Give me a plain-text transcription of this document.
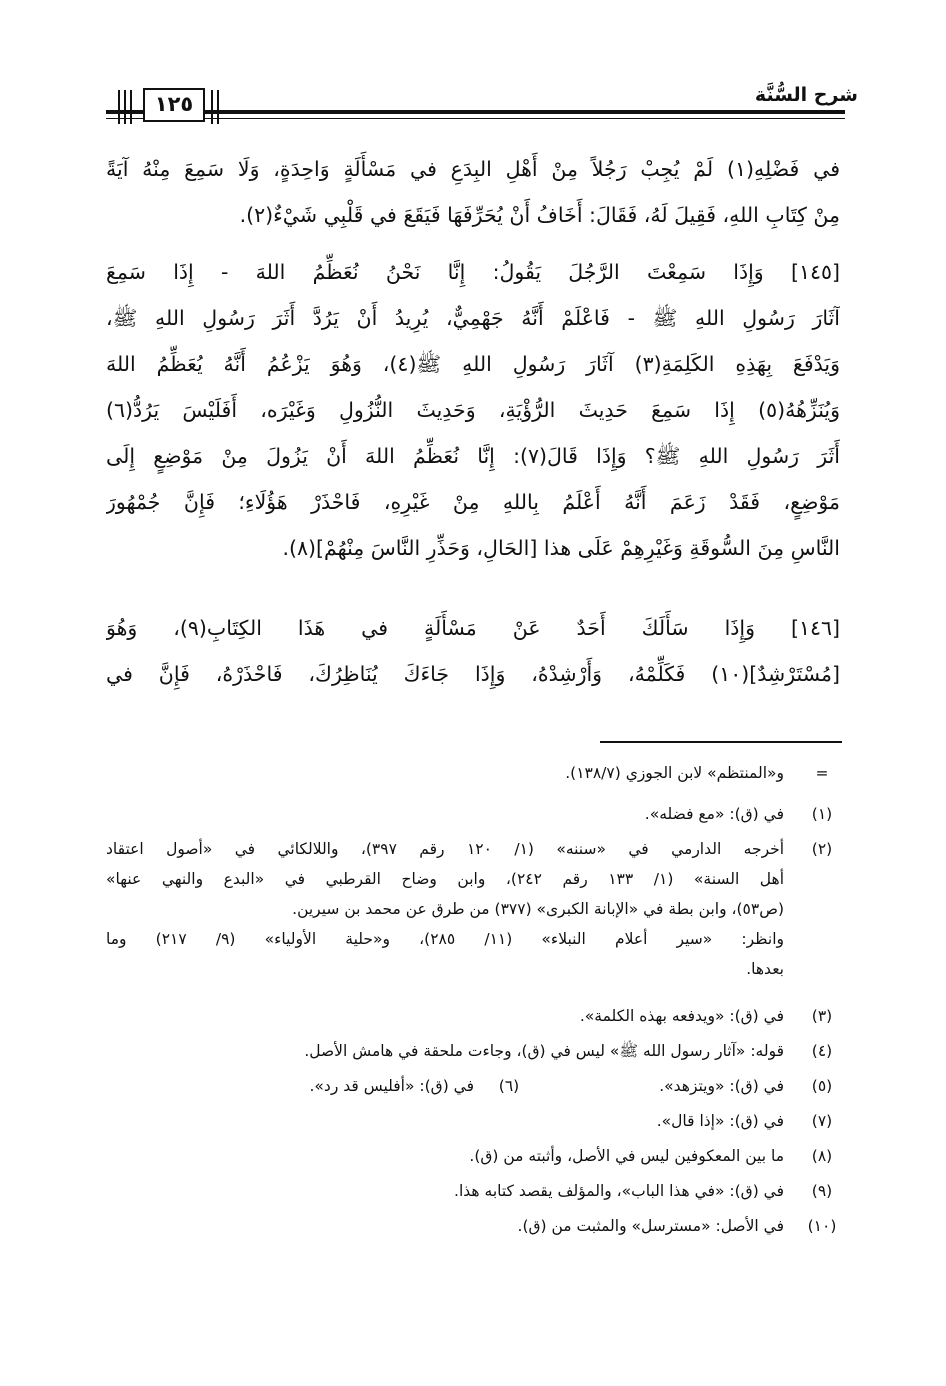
شرح السُّنَّة
١٢٥
في فَضْلِهِ(١) لَمْ يُجِبْ رَجُلاً مِنْ أَهْلِ البِدَعِ في مَسْأَلَةٍ وَاحِدَةٍ، وَلَا سَمِعَ مِنْهُ آيَةً
مِنْ كِتَابِ اللهِ، فَقِيلَ لَهُ، فَقَالَ: أَخَافُ أَنْ يُحَرِّفَهَا فَيَقَعَ في قَلْبِي شَيْءٌ(٢).
[١٤٥] وَإِذَا سَمِعْتَ الرَّجُلَ يَقُولُ: إِنَّا نَحْنُ نُعَظِّمُ اللهَ - إِذَا سَمِعَ
آثَارَ رَسُولِ اللهِ ﷺ - فَاعْلَمْ أَنَّهُ جَهْمِيٌّ، يُرِيدُ أَنْ يَرُدَّ أَثَرَ رَسُولِ اللهِ ﷺ،
وَيَدْفَعَ بِهَذِهِ الكَلِمَةِ(٣) آثَارَ رَسُولِ اللهِ ﷺ(٤)، وَهُوَ يَزْعُمُ أَنَّهُ يُعَظِّمُ اللهَ
وَيُنَزِّهُهُ(٥) إِذَا سَمِعَ حَدِيثَ الرُّؤْيَةِ، وَحَدِيثَ النُّزُولِ وَغَيْرَه، أَفَلَيْسَ يَرُدُّ(٦)
أَثَرَ رَسُولِ اللهِ ﷺ؟ وَإِذَا قَالَ(٧): إِنَّا نُعَظِّمُ اللهَ أَنْ يَزُولَ مِنْ مَوْضِعٍ إِلَى
مَوْضِعٍ، فَقَدْ زَعَمَ أَنَّهُ أَعْلَمُ بِاللهِ مِنْ غَيْرِهِ، فَاحْذَرْ هَؤُلَاءِ؛ فَإِنَّ جُمْهُورَ
النَّاسِ مِنَ السُّوقَةِ وَغَيْرِهِمْ عَلَى هذا [الحَالِ، وَحَذِّرِ النَّاسَ مِنْهُمْ](٨).
[١٤٦] وَإِذَا سَأَلَكَ أَحَدٌ عَنْ مَسْأَلَةٍ في هَذَا الكِتَابِ(٩)، وَهُوَ
[مُسْتَرْشِدٌ](١٠) فَكَلِّمْهُ، وَأَرْشِدْهُ، وَإِذَا جَاءَكَ يُنَاظِرُكَ، فَاحْذَرْهُ، فَإِنَّ في
=
و«المنتظم» لابن الجوزي (١٣٨/٧).
(١)
في (ق): «مع فضله».
(٢)
أخرجه الدارمي في «سننه» (١/ ١٢٠ رقم ٣٩٧)، واللالكائي في «أصول اعتقاد
أهل السنة» (١/ ١٣٣ رقم ٢٤٢)، وابن وضاح القرطبي في «البدع والنهي عنها»
(ص٥٣)، وابن بطة في «الإبانة الكبرى» (٣٧٧) من طرق عن محمد بن سيرين.
وانظر: «سير أعلام النبلاء» (١١/ ٢٨٥)، و«حلية الأولياء» (٩/ ٢١٧) وما
بعدها.
(٣)
في (ق): «ويدفعه بهذه الكلمة».
(٤)
قوله: «آثار رسول الله ﷺ» ليس في (ق)، وجاءت ملحقة في هامش الأصل.
(٥)
في (ق): «ويتزهد».
(٦)
في (ق): «أفليس قد رد».
(٧)
في (ق): «إذا قال».
(٨)
ما بين المعكوفين ليس في الأصل، وأثبته من (ق).
(٩)
في (ق): «في هذا الباب»، والمؤلف يقصد كتابه هذا.
(١٠)
في الأصل: «مسترسل» والمثبت من (ق).
